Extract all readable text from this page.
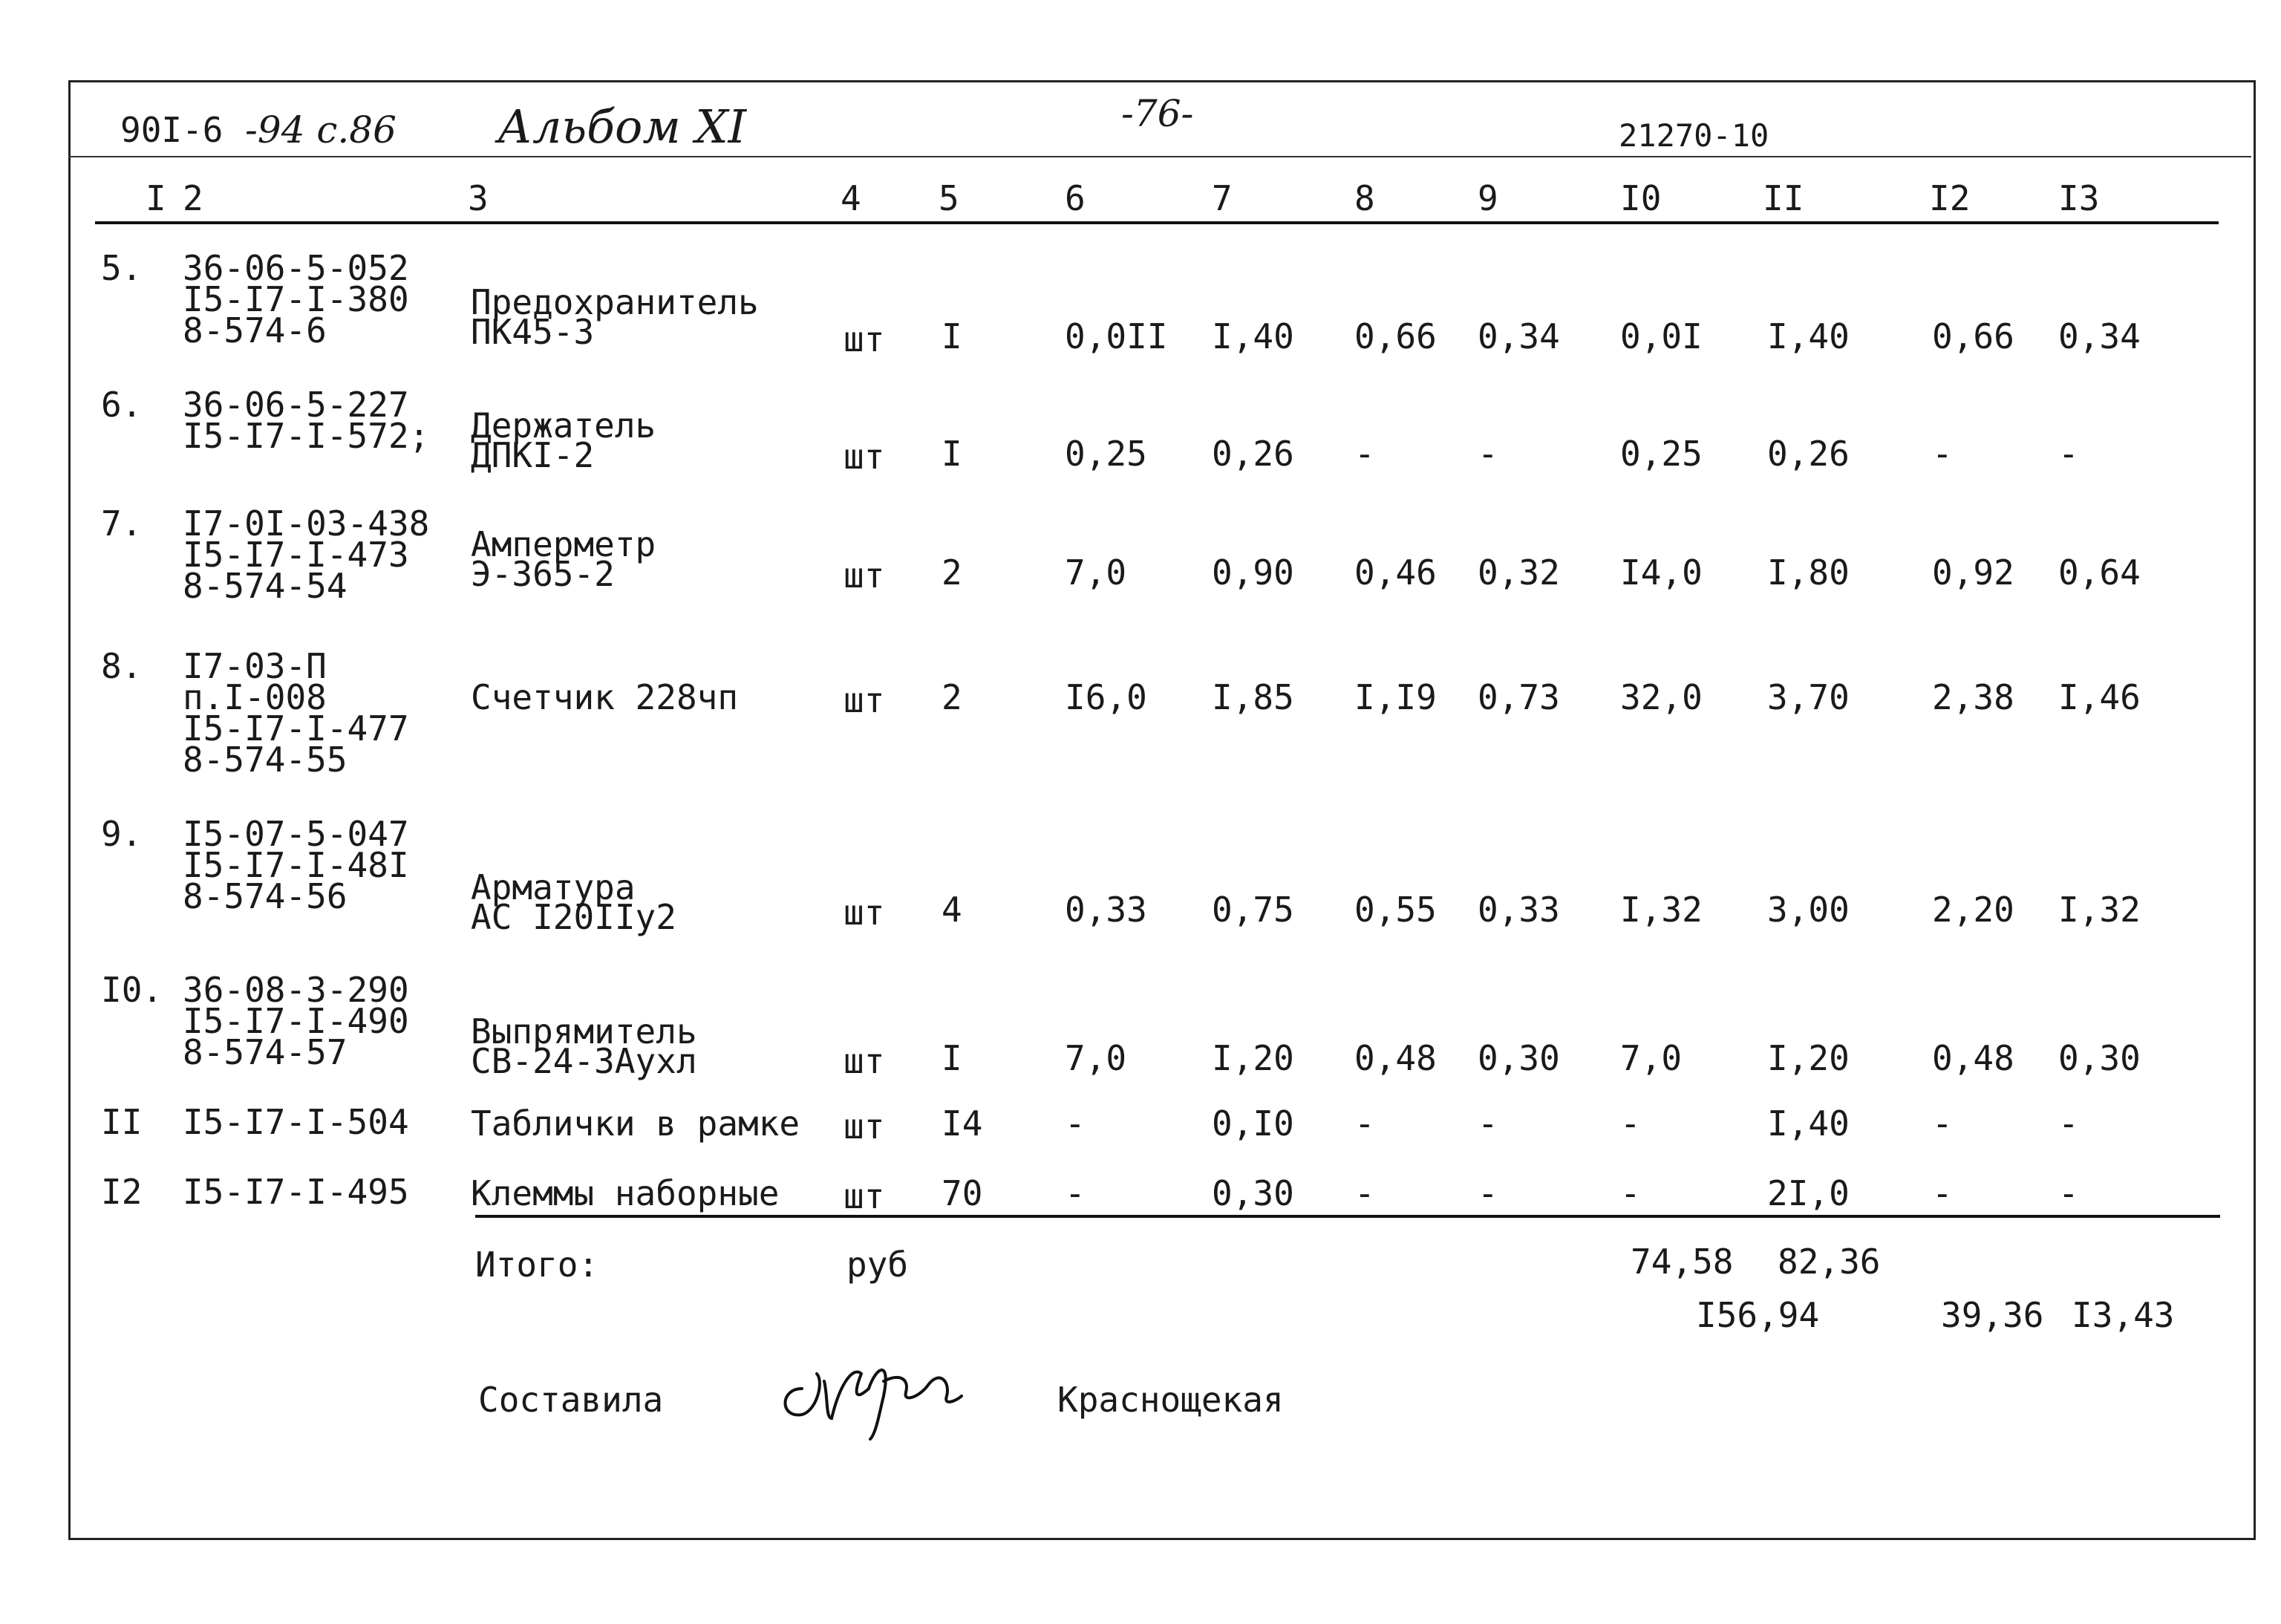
90I-6 -94 с.86 Альбом XI	-76-
21270-10
I 2	3	4 5	6	7	8	9	I0	II	I2	I3
5. 36-06-5-052
I5-I7-I-380
8-574-6
Предохранитель
ПК45-3	шт I	0,0II I,40 0,66 0,34 0,0I I,40 0,66 0,34
6. 36-06-5-227
I5-I7-I-572; Держатель
ДПКI-2	шт I	0,25 0,26 -	-	0,25 0,26 -	-
7. I7-0I-03-438
I5-I7-I-473
8-574-54
Амперметр
Э-365-2	шт 2	7,0 0,90 0,46 0,32 I4,0 I,80 0,92 0,64
8. I7-03-П
п.I-008
I5-I7-I-477
8-574-55
Счетчик 228чп	шт 2	I6,0 I,85 I,I9 0,73 32,0 3,70 2,38 I,46
9. I5-07-5-047
I5-I7-I-48I
8-574-56	Арматура
АС I20IIу2	шт 4	0,33 0,75 0,55 0,33 I,32 3,00 2,20 I,32
I0. 36-08-3-290
I5-I7-I-490
8-574-57
Выпрямитель
СВ-24-3Аухл	шт I	7,0 I,20 0,48 0,30 7,0 I,20 0,48 0,30
II I5-I7-I-504 Таблички в рамке шт I4 -	0,I0 -	-	-	I,40 -	-
I2 I5-I7-I-495 Клеммы наборные шт 70 -	0,30 -	-	-	2I,0 -	-
Итого:	руб	74,58 82,36
I56,94	39,36 I3,43
Составила	Краснощекая
